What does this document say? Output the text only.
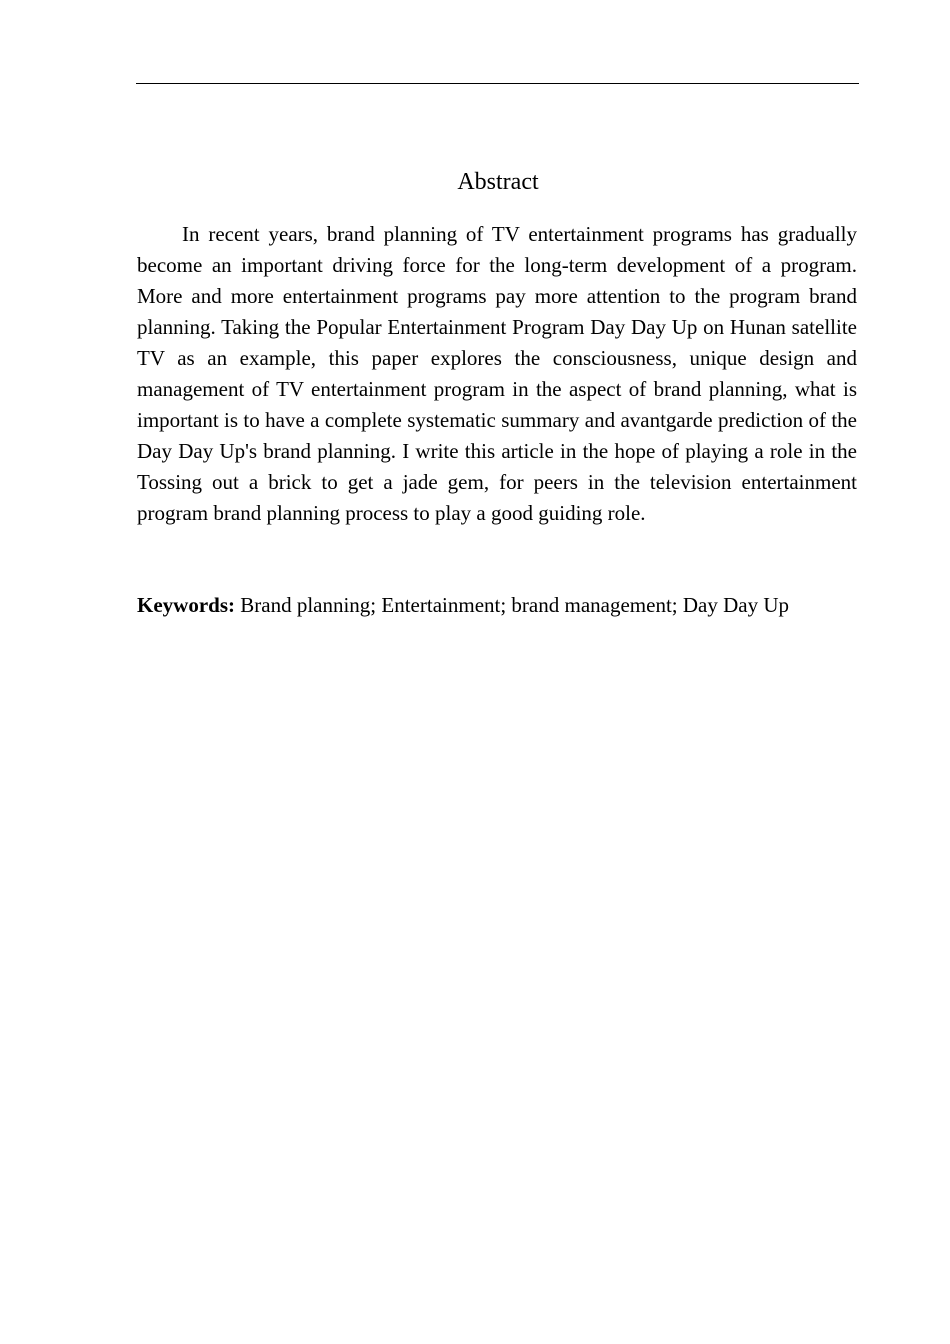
Abstract

In recent years, brand planning of TV entertainment programs has gradually become an important driving force for the long-term development of a program. More and more entertainment programs pay more attention to the program brand planning. Taking the Popular Entertainment Program Day Day Up on Hunan satellite TV as an example, this paper explores the consciousness, unique design and management of TV entertainment program in the aspect of brand planning, what is important is to have a complete systematic summary and avantgarde prediction of the Day Day Up's brand planning. I write this article in the hope of playing a role in the Tossing out a brick to get a jade gem, for peers in the television entertainment program brand planning process to play a good guiding role.

Keywords: Brand planning; Entertainment; brand management; Day Day Up
